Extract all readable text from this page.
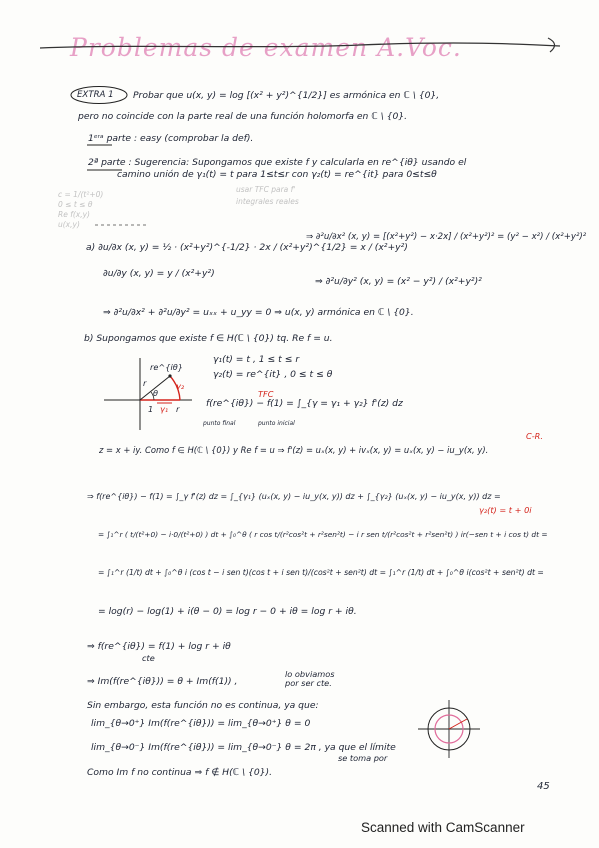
Problemas de examen A.Voc.
usar TFC para f'
integrales reales
c = 1/(t²+0)
0 ≤ t ≤ θ
Re f(x,y)
u(x,y)
EXTRA 1 Probar que u(x, y) = log [(x² + y²)^{1/2}] es armónica en ℂ \ {0},
pero no coincide con la parte real de una función holomorfa en ℂ \ {0}.
1ᵉʳᵃ parte : easy (comprobar la def).
2ª parte : Sugerencia: Supongamos que existe f y calcularla en re^{iθ} usando el
camino unión de γ₁(t) = t para 1≤t≤r con γ₂(t) = re^{it} para 0≤t≤θ
a) ∂u/∂x (x, y) = ½ · (x²+y²)^{-1/2} · 2x / (x²+y²)^{1/2} = x / (x²+y²)
⇒ ∂²u/∂x² (x, y) = [(x²+y²) − x·2x] / (x²+y²)² = (y² − x²) / (x²+y²)²
∂u/∂y (x, y) = y / (x²+y²)
⇒ ∂²u/∂y² (x, y) = (x² − y²) / (x²+y²)²
⇒ ∂²u/∂x² + ∂²u/∂y² = uₓₓ + u_yy = 0 ⇒ u(x, y) armónica en ℂ \ {0}.
b) Supongamos que existe f ∈ H(ℂ \ {0}) tq. Re f = u.
re^{iθ}
r
θ
γ₂
γ₁
1	r
γ₁(t) = t , 1 ≤ t ≤ r
γ₂(t) = re^{it} , 0 ≤ t ≤ θ
f(re^{iθ}) − f(1) = ∫_{γ = γ₁ + γ₂} f'(z) dz
TFC
punto final	punto inicial
z = x + iy. Como f ∈ H(ℂ \ {0}) y Re f = u ⇒ f'(z) = uₓ(x, y) + ivₓ(x, y) = uₓ(x, y) − iu_y(x, y).
C-R.
⇒ f(re^{iθ}) − f(1) = ∫_γ f'(z) dz = ∫_{γ₁} (uₓ(x, y) − iu_y(x, y)) dz + ∫_{γ₂} (uₓ(x, y) − iu_y(x, y)) dz =
γ₂(t) = t + 0i
= ∫₁^r ( t/(t²+0) − i·0/(t²+0) ) dt + ∫₀^θ ( r cos t/(r²cos²t + r²sen²t) − i r sen t/(r²cos²t + r²sen²t) ) ir(−sen t + i cos t) dt =
= ∫₁^r (1/t) dt + ∫₀^θ i (cos t − i sen t)(cos t + i sen t)/(cos²t + sen²t) dt = ∫₁^r (1/t) dt + ∫₀^θ i(cos²t + sen²t) dt =
= log(r) − log(1) + i(θ − 0) = log r − 0 + iθ = log r + iθ.
⇒ f(re^{iθ}) = f(1) + log r + iθ
cte
⇒ Im(f(re^{iθ})) = θ + Im(f(1)) ,
lo obviamos
por ser cte.
Sin embargo, esta función no es continua, ya que:
lim_{θ→0⁺} Im(f(re^{iθ})) = lim_{θ→0⁺} θ = 0
lim_{θ→0⁻} Im(f(re^{iθ})) = lim_{θ→0⁻} θ = 2π , ya que el límite
se toma por
Como Im f no continua ⇒ f ∉ H(ℂ \ {0}).
45
Scanned with CamScanner
